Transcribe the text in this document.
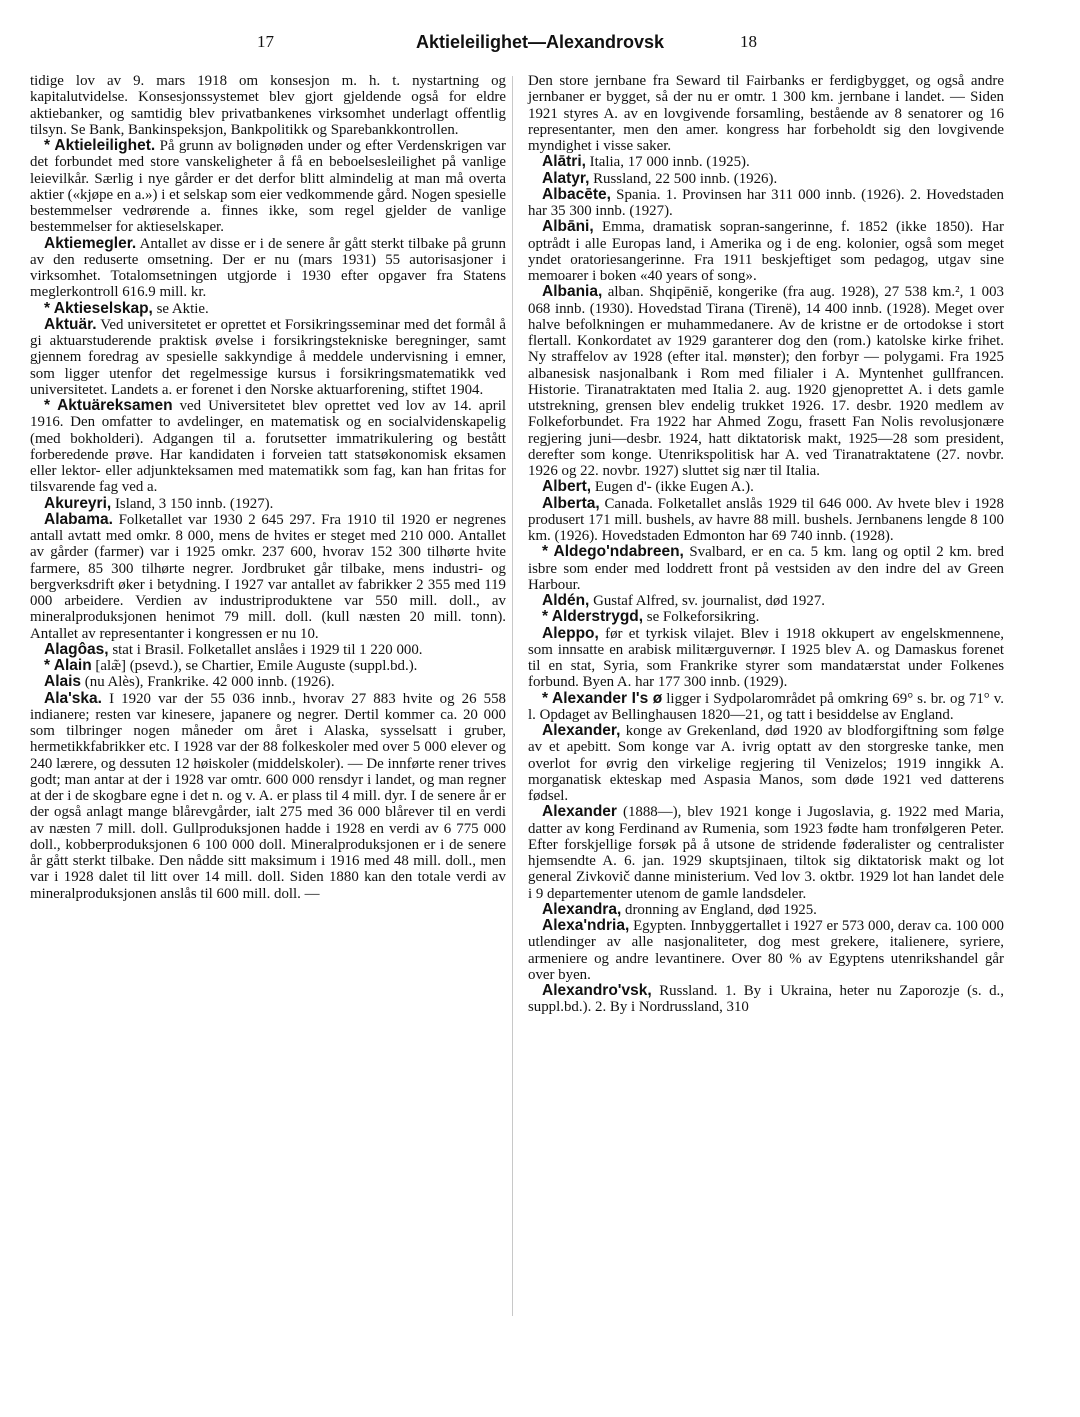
17	Aktieleilighet—Alexandrovsk	18

tidige lov av 9. mars 1918 om konsesjon m. h. t. nystartning og kapitalutvidelse. Konsesjonssystemet blev gjort gjeldende også for eldre aktiebanker, og samtidig blev privatbankenes virksomhet underlagt offentlig tilsyn. Se Bank, Bankinspeksjon, Bankpolitikk og Sparebankkontrollen.

* Aktieleilighet. På grunn av bolignøden under og efter Verdenskrigen var det forbundet med store vanskeligheter å få en beboelsesleilighet på vanlige leievilkår. Særlig i nye gårder er det derfor blitt almindelig at man må overta aktier («kjøpe en a.») i et selskap som eier vedkommende gård. Nogen spesielle bestemmelser vedrørende a. finnes ikke, som regel gjelder de vanlige bestemmelser for aktieselskaper.

Aktiemegler. Antallet av disse er i de senere år gått sterkt tilbake på grunn av den reduserte omsetning. Der er nu (mars 1931) 55 autorisasjoner i virksomhet. Totalomsetningen utgjorde i 1930 efter opgaver fra Statens meglerkontroll 616.9 mill. kr.

* Aktieselskap, se Aktie.

Aktuär. Ved universitetet er oprettet et Forsikringsseminar med det formål å gi aktuarstuderende praktisk øvelse i forsikringstekniske beregninger, samt gjennem foredrag av spesielle sakkyndige å meddele undervisning i emner, som ligger utenfor det regelmessige kursus i forsikringsmatematikk ved universitetet. Landets a. er forenet i den Norske aktuarforening, stiftet 1904.

* Aktuäreksamen ved Universitetet blev oprettet ved lov av 14. april 1916. Den omfatter to avdelinger, en matematisk og en socialvidenskapelig (med bokholderi). Adgangen til a. forutsetter immatrikulering og bestått forberedende prøve. Har kandidaten i forveien tatt statsøkonomisk eksamen eller lektor- eller adjunkteksamen med matematikk som fag, kan han fritas for tilsvarende fag ved a.

Akureyri, Island, 3 150 innb. (1927).

Alabama. Folketallet var 1930 2 645 297. Fra 1910 til 1920 er negrenes antall avtatt med omkr. 8 000, mens de hvites er steget med 210 000. Antallet av gårder (farmer) var i 1925 omkr. 237 600, hvorav 152 300 tilhørte hvite farmere, 85 300 tilhørte negrer. Jordbruket går tilbake, mens industri- og bergverksdrift øker i betydning. I 1927 var antallet av fabrikker 2 355 med 119 000 arbeidere. Verdien av industriproduktene var 550 mill. doll., av mineralproduksjonen henimot 79 mill. doll. (kull næsten 20 mill. tonn). Antallet av representanter i kongressen er nu 10.

Alagôas, stat i Brasil. Folketallet anslåes i 1929 til 1 220 000.

* Alain [alæ̃] (psevd.), se Chartier, Emile Auguste (suppl.bd.).

Alais (nu Alès), Frankrike. 42 000 innb. (1926).

Ala'ska. I 1920 var der 55 036 innb., hvorav 27 883 hvite og 26 558 indianere; resten var kinesere, japanere og negrer. Dertil kommer ca. 20 000 som tilbringer nogen måneder om året i Alaska, sysselsatt i gruber, hermetikkfabrikker etc. I 1928 var der 88 folkeskoler med over 5 000 elever og 240 lærere, og dessuten 12 høiskoler (middelskoler). — De innførte rener trives godt; man antar at der i 1928 var omtr. 600 000 rensdyr i landet, og man regner at der i de skogbare egne i det n. og v. A. er plass til 4 mill. dyr. I de senere år er der også anlagt mange blårevgårder, ialt 275 med 36 000 blårever til en verdi av næsten 7 mill. doll. Gullproduksjonen hadde i 1928 en verdi av 6 775 000 doll., kobberproduksjonen 6 100 000 doll. Mineralproduksjonen er i de senere år gått sterkt tilbake. Den nådde sitt maksimum i 1916 med 48 mill. doll., men var i 1928 dalet til litt over 14 mill. doll. Siden 1880 kan den totale verdi av mineralproduksjonen anslås til 600 mill. doll. —

Den store jernbane fra Seward til Fairbanks er ferdigbygget, og også andre jernbaner er bygget, så der nu er omtr. 1 300 km. jernbane i landet. — Siden 1921 styres A. av en lovgivende forsamling, bestående av 8 senatorer og 16 representanter, men den amer. kongress har forbeholdt sig den lovgivende myndighet i visse saker.

Alātri, Italia, 17 000 innb. (1925).

Alatyr, Russland, 22 500 innb. (1926).

Albacēte, Spania. 1. Provinsen har 311 000 innb. (1926). 2. Hovedstaden har 35 300 innb. (1927).

Albāni, Emma, dramatisk sopran-sangerinne, f. 1852 (ikke 1850). Har optrådt i alle Europas land, i Amerika og i de eng. kolonier, også som meget yndet oratoriesangerinne. Fra 1911 beskjeftiget som pedagog, utgav sine memoarer i boken «40 years of song».

Albania, alban. Shqipēniĕ, kongerike (fra aug. 1928), 27 538 km.², 1 003 068 innb. (1930). Hovedstad Tirana (Tirenë), 14 400 innb. (1928). Meget over halve befolkningen er muhammedanere. Av de kristne er de ortodokse i stort flertall. Konkordatet av 1929 garanterer dog den (rom.) katolske kirke frihet. Ny straffelov av 1928 (efter ital. mønster); den forbyr — polygami. Fra 1925 albanesisk nasjonalbank i Rom med filialer i A. Myntenhet gullfrancen. Historie. Tiranatraktaten med Italia 2. aug. 1920 gjenoprettet A. i dets gamle utstrekning, grensen blev endelig trukket 1926. 17. desbr. 1920 medlem av Folkeforbundet. Fra 1922 har Ahmed Zogu, frasett Fan Nolis revolusjonære regjering juni—desbr. 1924, hatt diktatorisk makt, 1925—28 som president, derefter som konge. Utenrikspolitisk har A. ved Tiranatraktatene (27. novbr. 1926 og 22. novbr. 1927) sluttet sig nær til Italia.

Albert, Eugen d'- (ikke Eugen A.).

Alberta, Canada. Folketallet anslås 1929 til 646 000. Av hvete blev i 1928 produsert 171 mill. bushels, av havre 88 mill. bushels. Jernbanens lengde 8 100 km. (1926). Hovedstaden Edmonton har 69 740 innb. (1928).

* Aldego'ndabreen, Svalbard, er en ca. 5 km. lang og optil 2 km. bred isbre som ender med loddrett front på vestsiden av den indre del av Green Harbour.

Aldén, Gustaf Alfred, sv. journalist, død 1927.

* Alderstrygd, se Folkeforsikring.

Aleppo, før et tyrkisk vilajet. Blev i 1918 okkupert av engelskmennene, som innsatte en arabisk militærguvernør. I 1925 blev A. og Damaskus forenet til en stat, Syria, som Frankrike styrer som mandatærstat under Folkenes forbund. Byen A. har 177 300 innb. (1929).

* Alexander I's ø ligger i Sydpolarområdet på omkring 69° s. br. og 71° v. l. Opdaget av Bellinghausen 1820—21, og tatt i besiddelse av England.

Alexander, konge av Grekenland, død 1920 av blodforgiftning som følge av et apebitt. Som konge var A. ivrig optatt av den storgreske tanke, men overlot for øvrig den virkelige regjering til Venizelos; 1919 inngikk A. morganatisk ekteskap med Aspasia Manos, som døde 1921 ved datterens fødsel.

Alexander (1888—), blev 1921 konge i Jugoslavia, g. 1922 med Maria, datter av kong Ferdinand av Rumenia, som 1923 fødte ham tronfølgeren Peter. Efter forskjellige forsøk på å utsone de stridende føderalister og centralister hjemsendte A. 6. jan. 1929 skuptsjinaen, tiltok sig diktatorisk makt og lot general Zivkovič danne ministerium. Ved lov 3. oktbr. 1929 lot han landet dele i 9 departementer utenom de gamle landsdeler.

Alexandra, dronning av England, død 1925.

Alexa'ndria, Egypten. Innbyggertallet i 1927 er 573 000, derav ca. 100 000 utlendinger av alle nasjonaliteter, dog mest grekere, italienere, syriere, armeniere og andre levantinere. Over 80 % av Egyptens utenrikshandel går over byen.

Alexandro'vsk, Russland. 1. By i Ukraina, heter nu Zaporozje (s. d., suppl.bd.). 2. By i Nordrussland, 310
